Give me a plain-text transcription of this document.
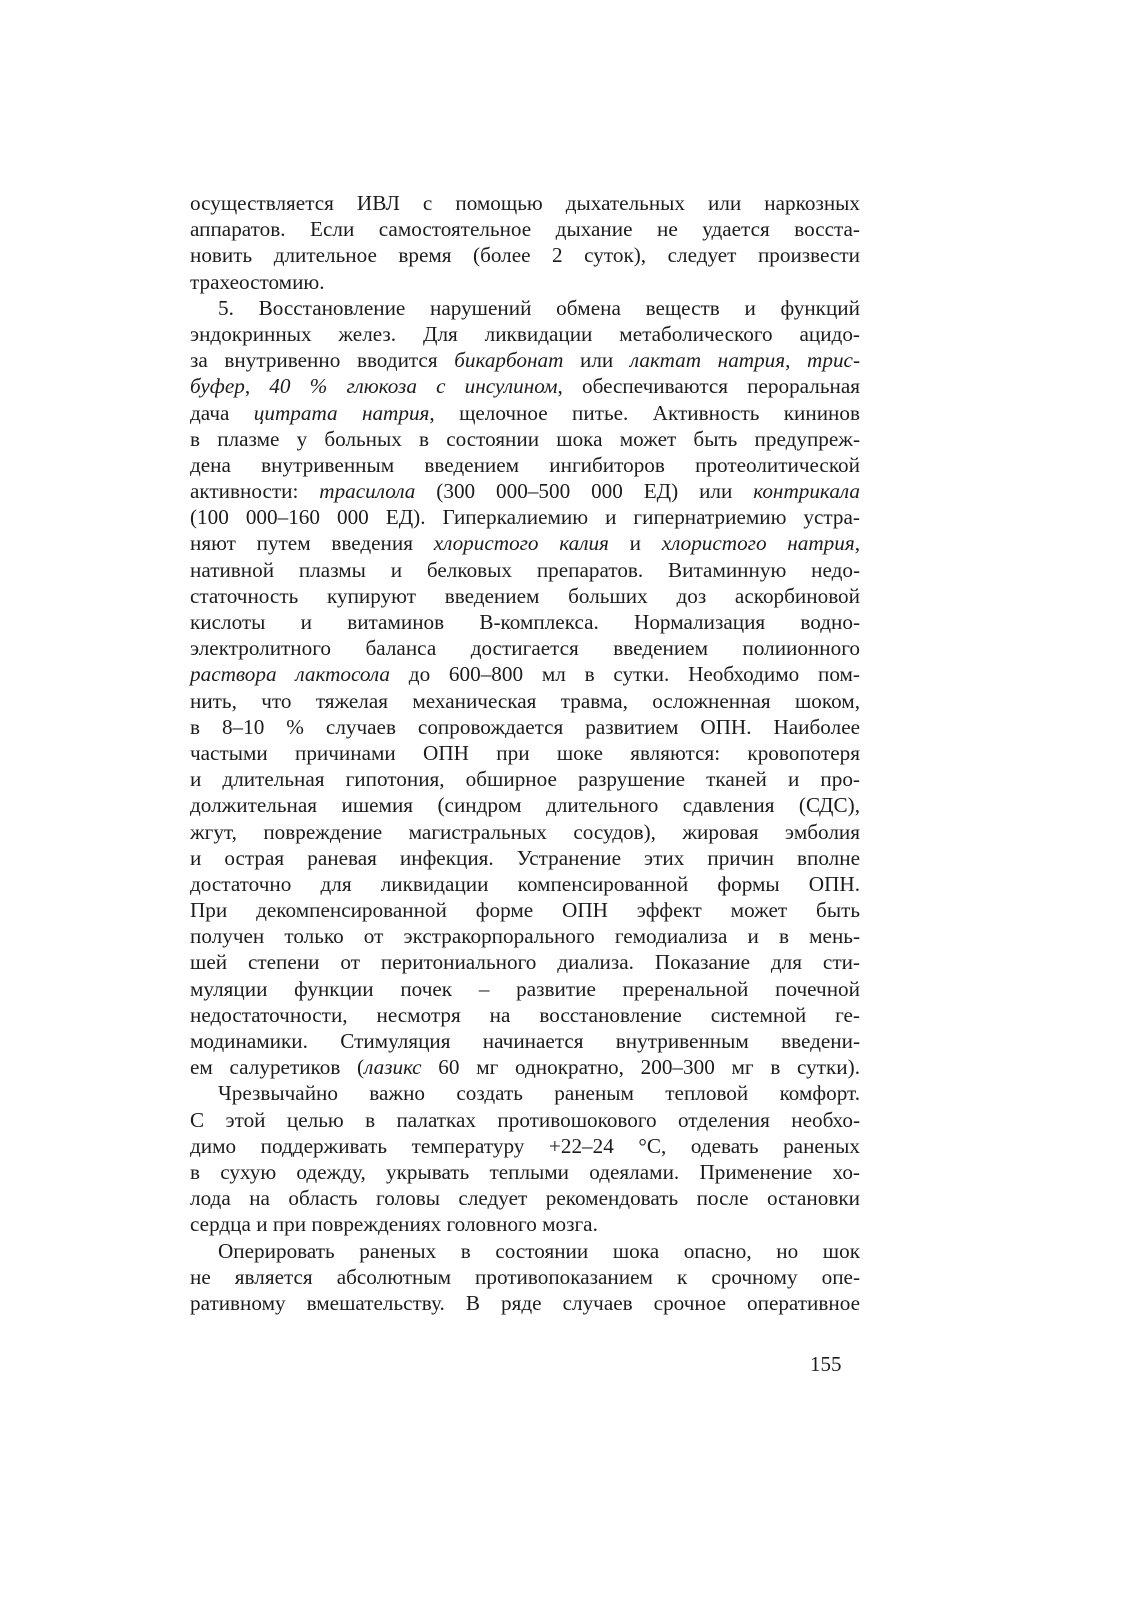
осуществляется ИВЛ с помощью дыхательных или наркозных
аппаратов. Если самостоятельное дыхание не удается восста-
новить длительное время (более 2 суток), следует произвести
трахеостомию.
5. Восстановление нарушений обмена веществ и функций
эндокринных желез. Для ликвидации метаболического ацидо-
за внутривенно вводится бикарбонат или лактат натрия, трис-
буфер, 40 % глюкоза с инсулином, обеспечиваются пероральная
дача цитрата натрия, щелочное питье. Активность кининов
в плазме у больных в состоянии шока может быть предупреж-
дена внутривенным введением ингибиторов протеолитической
активности: трасилола (300 000–500 000 ЕД) или контрикала
(100 000–160 000 ЕД). Гиперкалиемию и гипернатриемию устра-
няют путем введения хлористого калия и хлористого натрия,
нативной плазмы и белковых препаратов. Витаминную недо-
статочность купируют введением больших доз аскорбиновой
кислоты и витаминов В-комплекса. Нормализация водно-
электролитного баланса достигается введением полиионного
раствора лактосола до 600–800 мл в сутки. Необходимо пом-
нить, что тяжелая механическая травма, осложненная шоком,
в 8–10 % случаев сопровождается развитием ОПН. Наиболее
частыми причинами ОПН при шоке являются: кровопотеря
и длительная гипотония, обширное разрушение тканей и про-
должительная ишемия (синдром длительного сдавления (СДС),
жгут, повреждение магистральных сосудов), жировая эмболия
и острая раневая инфекция. Устранение этих причин вполне
достаточно для ликвидации компенсированной формы ОПН.
При декомпенсированной форме ОПН эффект может быть
получен только от экстракорпорального гемодиализа и в мень-
шей степени от перитониального диализа. Показание для сти-
муляции функции почек – развитие преренальной почечной
недостаточности, несмотря на восстановление системной ге-
модинамики. Стимуляция начинается внутривенным введени-
ем салуретиков (лазикс 60 мг однократно, 200–300 мг в сутки).
Чрезвычайно важно создать раненым тепловой комфорт.
С этой целью в палатках противошокового отделения необхо-
димо поддерживать температуру +22–24 °С, одевать раненых
в сухую одежду, укрывать теплыми одеялами. Применение хо-
лода на область головы следует рекомендовать после остановки
сердца и при повреждениях головного мозга.
Оперировать раненых в состоянии шока опасно, но шок
не является абсолютным противопоказанием к срочному опе-
ративному вмешательству. В ряде случаев срочное оперативное
155
